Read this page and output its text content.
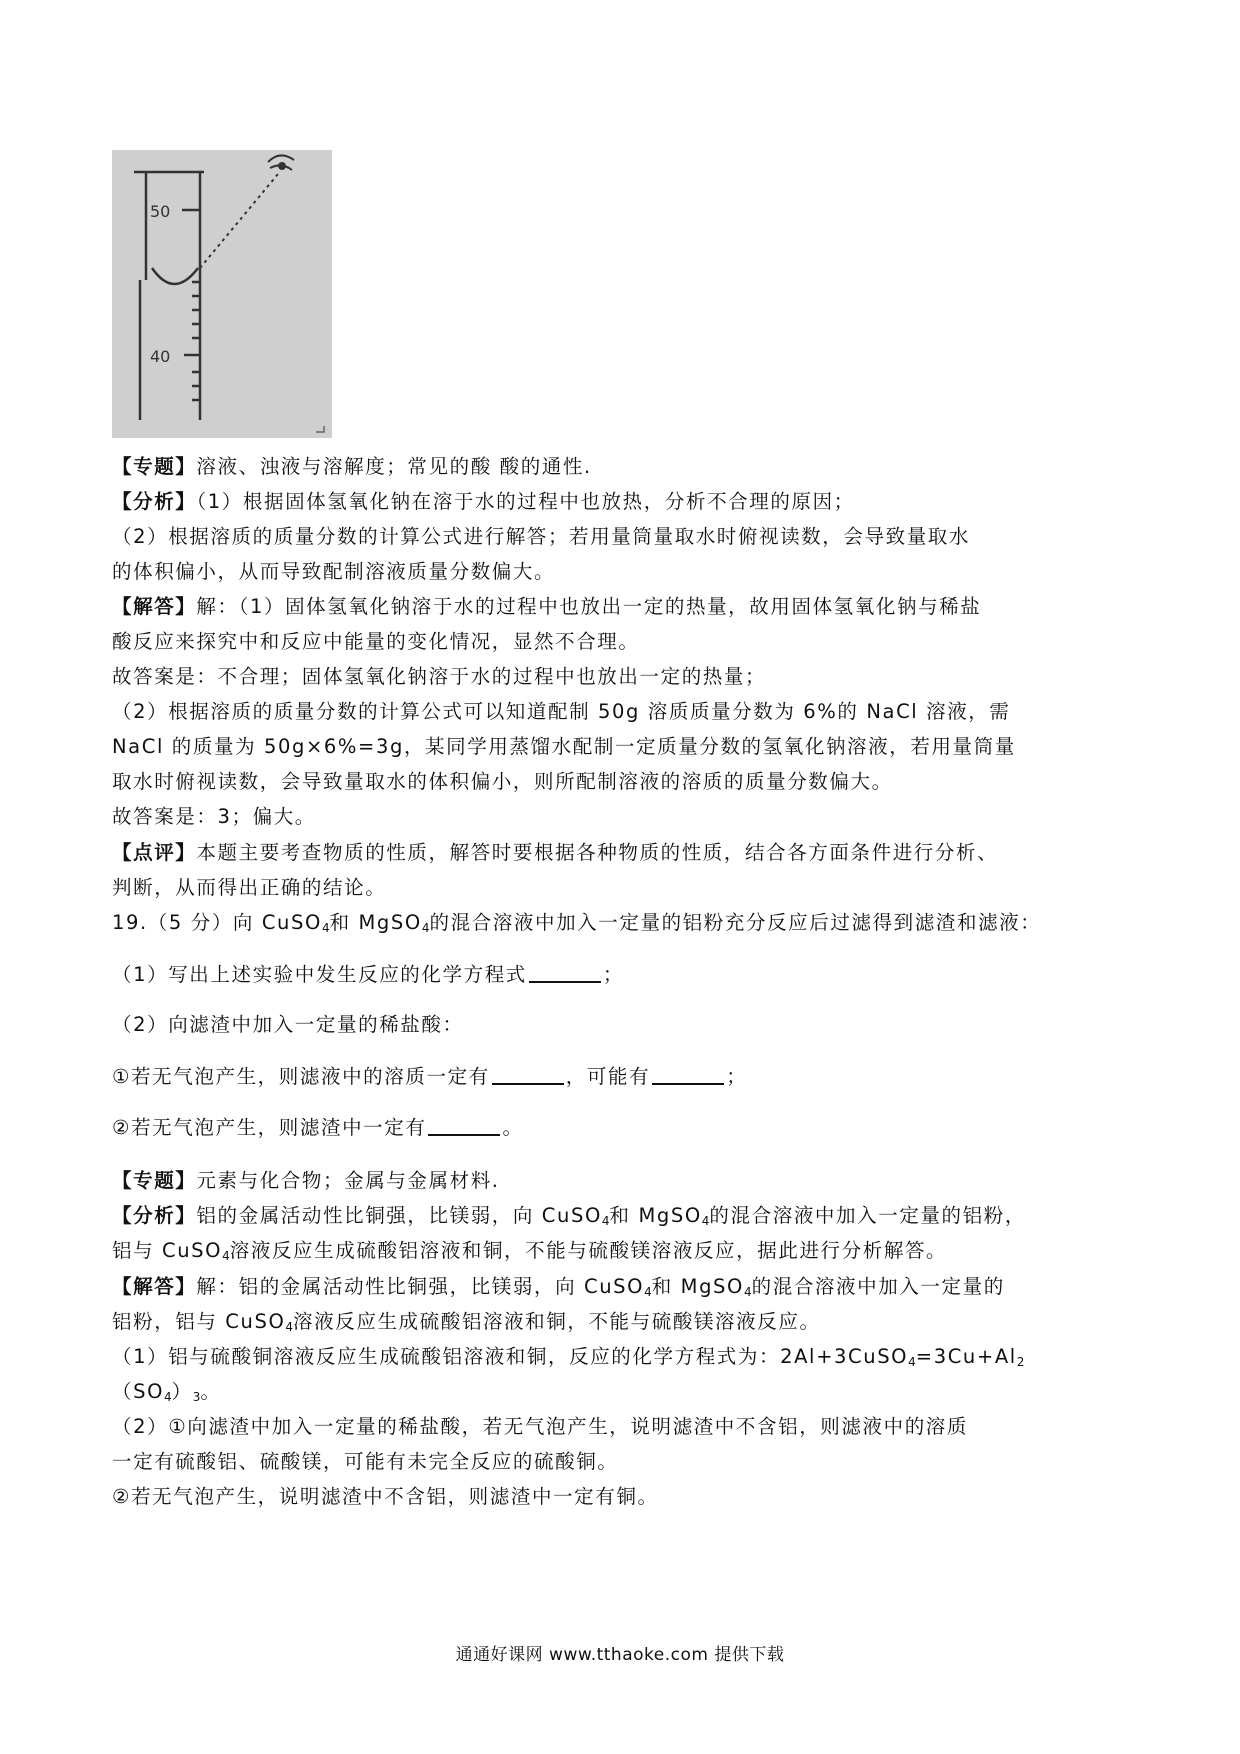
50
40
【专题】溶液、浊液与溶解度；常见的酸 酸的通性.
【分析】（1）根据固体氢氧化钠在溶于水的过程中也放热，分析不合理的原因；
（2）根据溶质的质量分数的计算公式进行解答；若用量筒量取水时俯视读数，会导致量取水
的体积偏小，从而导致配制溶液质量分数偏大。
【解答】解：（1）固体氢氧化钠溶于水的过程中也放出一定的热量，故用固体氢氧化钠与稀盐
酸反应来探究中和反应中能量的变化情况，显然不合理。
故答案是：不合理；固体氢氧化钠溶于水的过程中也放出一定的热量；
（2）根据溶质的质量分数的计算公式可以知道配制 50g 溶质质量分数为 6%的 NaCl 溶液，需
NaCl 的质量为 50g×6%=3g，某同学用蒸馏水配制一定质量分数的氢氧化钠溶液，若用量筒量
取水时俯视读数，会导致量取水的体积偏小，则所配制溶液的溶质的质量分数偏大。
故答案是：3；偏大。
【点评】本题主要考查物质的性质，解答时要根据各种物质的性质，结合各方面条件进行分析、
判断，从而得出正确的结论。
19.（5 分）向 CuSO$_4$和 MgSO$_4$的混合溶液中加入一定量的铝粉充分反应后过滤得到滤渣和滤液：
（1）写出上述实验中发生反应的化学方程式	；
（2）向滤渣中加入一定量的稀盐酸：
①若无气泡产生，则滤液中的溶质一定有	，可能有	；
②若无气泡产生，则滤渣中一定有	。
【专题】元素与化合物；金属与金属材料.
【分析】铝的金属活动性比铜强，比镁弱，向 CuSO$_4$和 MgSO$_4$的混合溶液中加入一定量的铝粉，
铝与 CuSO$_4$溶液反应生成硫酸铝溶液和铜，不能与硫酸镁溶液反应，据此进行分析解答。
【解答】解：铝的金属活动性比铜强，比镁弱，向 CuSO$_4$和 MgSO$_4$的混合溶液中加入一定量的
铝粉，铝与 CuSO$_4$溶液反应生成硫酸铝溶液和铜，不能与硫酸镁溶液反应。
（1）铝与硫酸铜溶液反应生成硫酸铝溶液和铜，反应的化学方程式为：$2Al+3CuSO_4=3Cu+Al_2$
$(SO_4)_3$。
（2）①向滤渣中加入一定量的稀盐酸，若无气泡产生，说明滤渣中不含铝，则滤液中的溶质
一定有硫酸铝、硫酸镁，可能有未完全反应的硫酸铜。
②若无气泡产生，说明滤渣中不含铝，则滤渣中一定有铜。
通通好课网 www.tthaoke.com 提供下载
